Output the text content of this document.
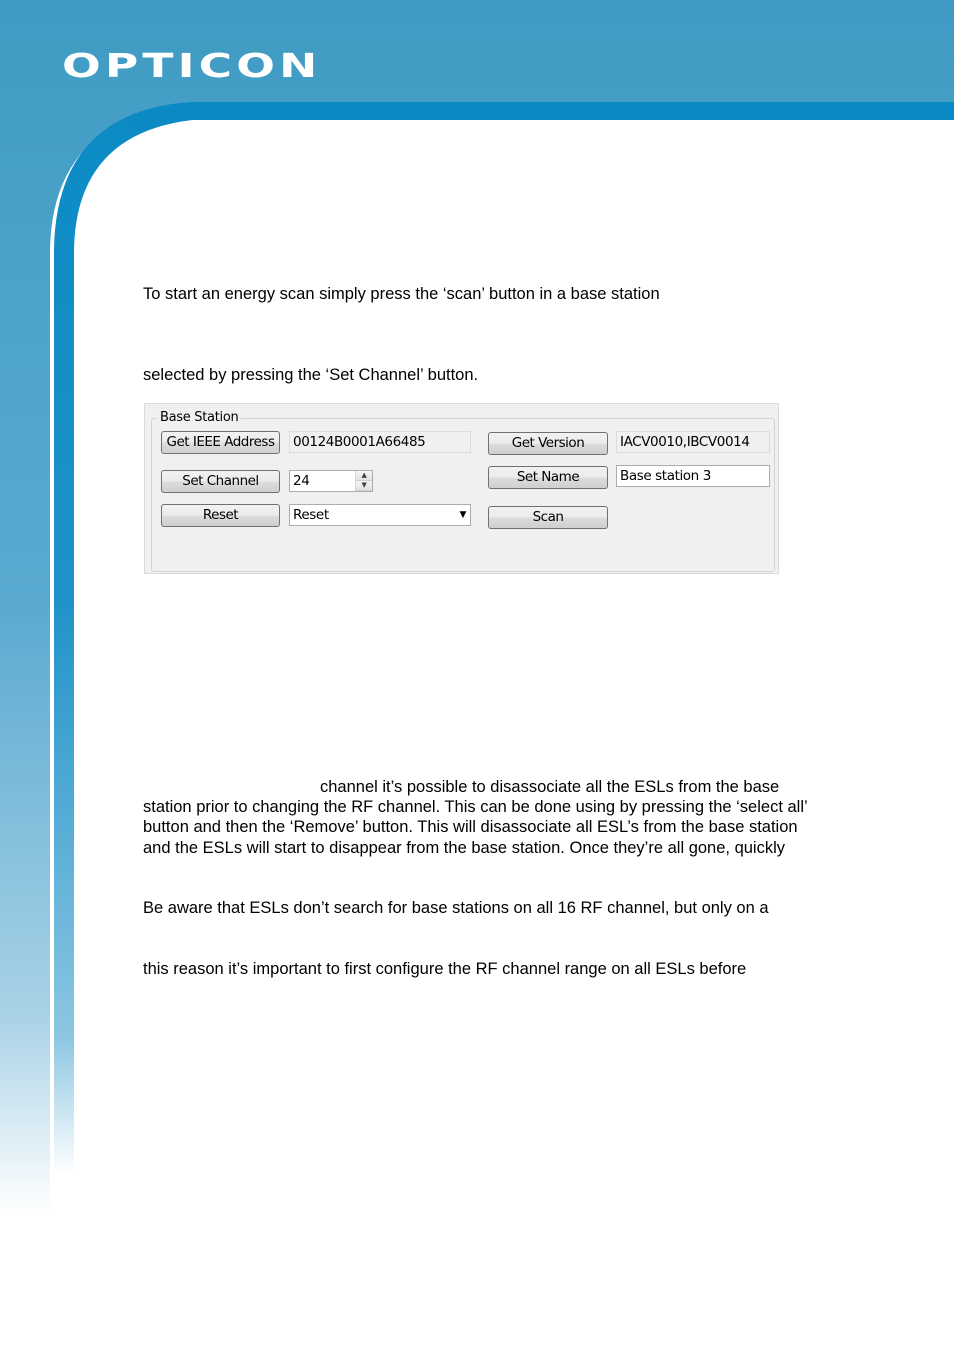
OPTICON

To start an energy scan simply press the ‘scan’ button in a base station

selected by pressing the ‘Set Channel’ button.

Base Station
Get IEEE Address	00124B0001A66485
Set Channel	24	▲
▼
Reset	Reset	▼
Get Version	IACV0010,IBCV0014
Set Name	Base station 3
Scan

channel it’s possible to disassociate all the ESLs from the base

station prior to changing the RF channel. This can be done using by pressing the ‘select all’

button and then the ‘Remove’ button. This will disassociate all ESL’s from the base station

and the ESLs will start to disappear from the base station. Once they’re all gone, quickly

Be aware that ESLs don’t search for base stations on all 16 RF channel, but only on a

this reason it’s important to first configure the RF channel range on all ESLs before
